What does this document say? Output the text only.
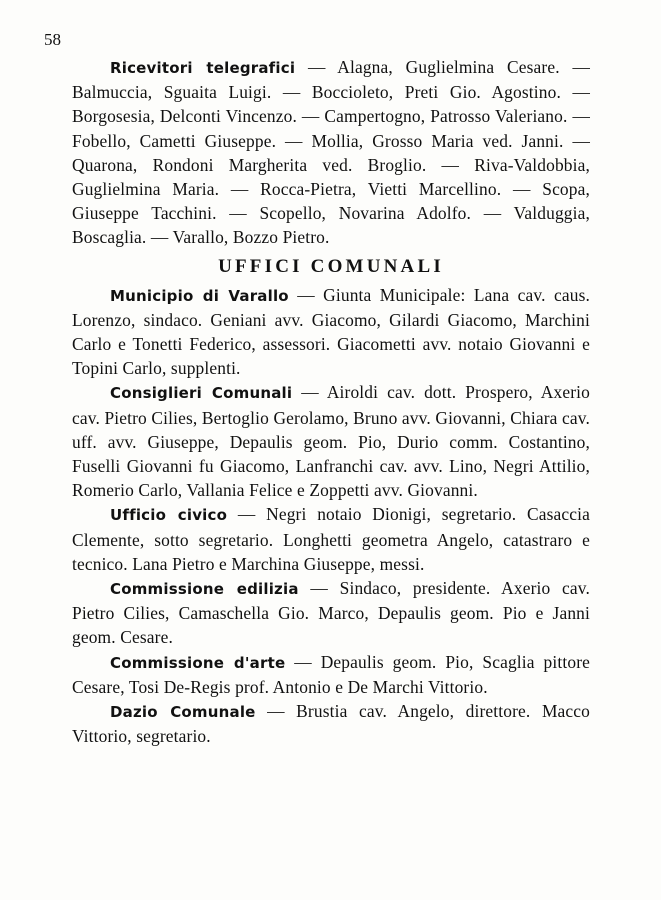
58

Ricevitori telegrafici — Alagna, Guglielmina Cesare. — Balmuccia, Sguaita Luigi. — Boccioleto, Preti Gio. Agostino. — Borgosesia, Delconti Vincenzo. — Campertogno, Patrosso Valeriano. — Fobello, Cametti Giuseppe. — Mollia, Grosso Maria ved. Janni. — Quarona, Rondoni Margherita ved. Broglio. — Riva-Valdobbia, Guglielmina Maria. — Rocca-Pietra, Vietti Marcellino. — Scopa, Giuseppe Tacchini. — Scopello, Novarina Adolfo. — Valduggia, Boscaglia. — Varallo, Bozzo Pietro.

UFFICI COMUNALI

Municipio di Varallo — Giunta Municipale: Lana cav. caus. Lorenzo, sindaco. Geniani avv. Giacomo, Gilardi Giacomo, Marchini Carlo e Tonetti Federico, assessori. Giacometti avv. notaio Giovanni e Topini Carlo, supplenti.

Consiglieri Comunali — Airoldi cav. dott. Prospero, Axerio cav. Pietro Cilies, Bertoglio Gerolamo, Bruno avv. Giovanni, Chiara cav. uff. avv. Giuseppe, Depaulis geom. Pio, Durio comm. Costantino, Fuselli Giovanni fu Giacomo, Lanfranchi cav. avv. Lino, Negri Attilio, Romerio Carlo, Vallania Felice e Zoppetti avv. Giovanni.

Ufficio civico — Negri notaio Dionigi, segretario. Casaccia Clemente, sotto segretario. Longhetti geometra Angelo, catastraro e tecnico. Lana Pietro e Marchina Giuseppe, messi.

Commissione edilizia — Sindaco, presidente. Axerio cav. Pietro Cilies, Camaschella Gio. Marco, Depaulis geom. Pio e Janni geom. Cesare.

Commissione d'arte — Depaulis geom. Pio, Scaglia pittore Cesare, Tosi De-Regis prof. Antonio e De Marchi Vittorio.

Dazio Comunale — Brustia cav. Angelo, direttore. Macco Vittorio, segretario.
